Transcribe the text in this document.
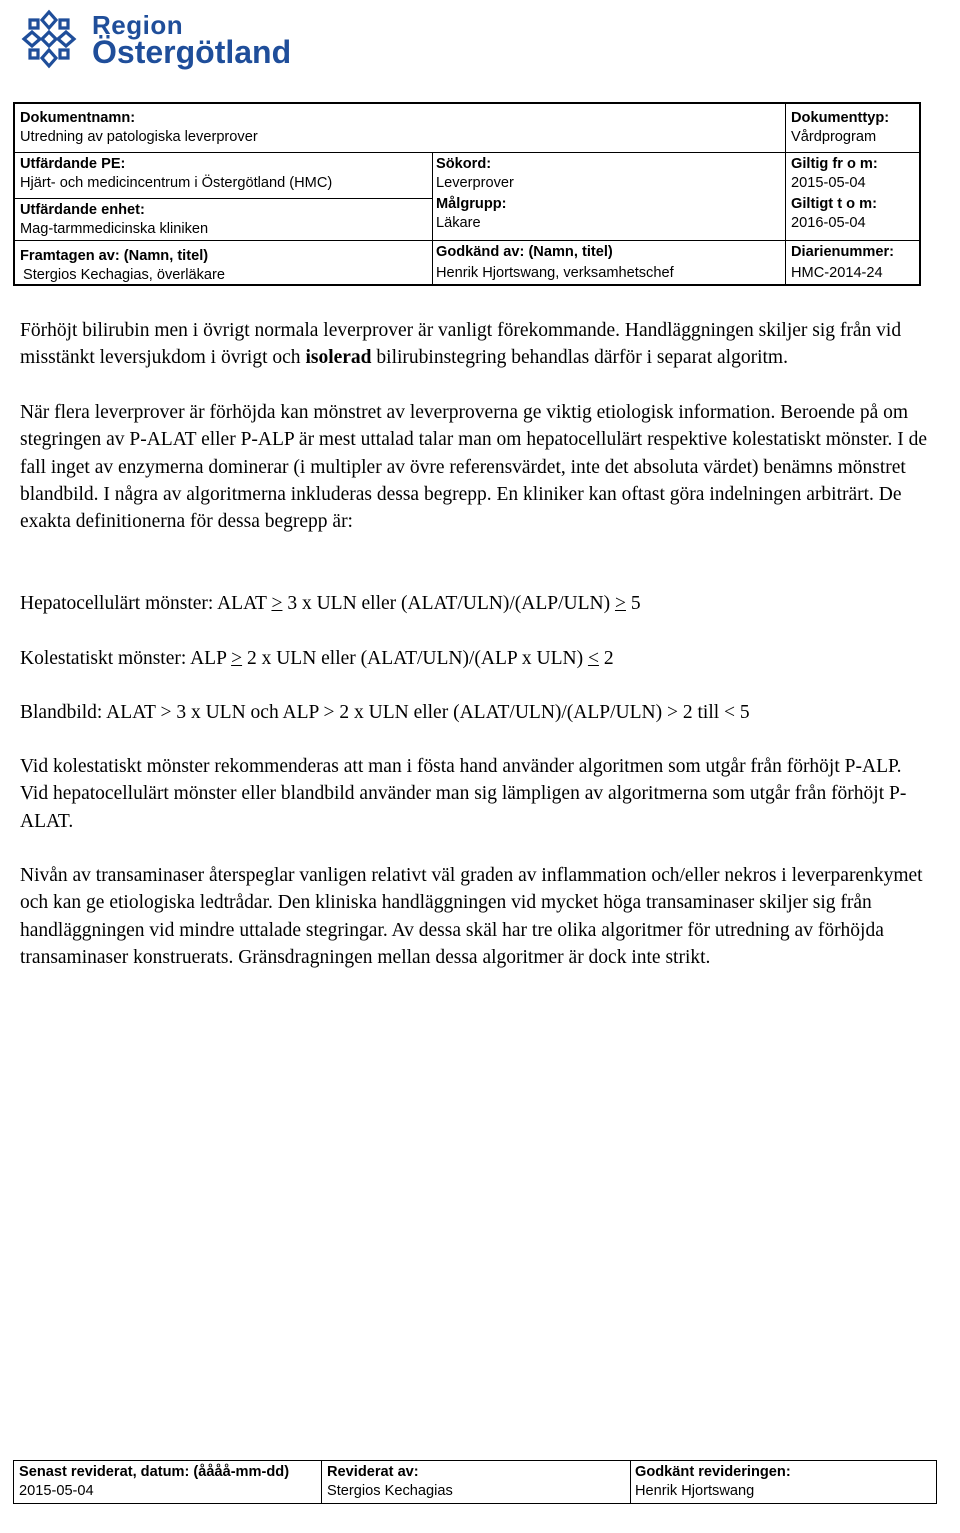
Region
Östergötland
Dokumentnamn:
Utredning av patologiska leverprover
Dokumenttyp:
Vårdprogram
Utfärdande PE:
Hjärt- och medicincentrum i Östergötland (HMC)
Sökord:
Leverprover
Giltig fr o m:
2015-05-04
Utfärdande enhet:
Mag-tarmmedicinska kliniken
Målgrupp:
Läkare
Giltigt t o m:
2016-05-04
Framtagen av: (Namn, titel)
Stergios Kechagias, överläkare
Godkänd av: (Namn, titel)
Henrik Hjortswang, verksamhetschef
Diarienummer:
HMC-2014-24

Förhöjt bilirubin men i övrigt normala leverprover är vanligt förekommande. Handläggningen skiljer sig från vid misstänkt leversjukdom i övrigt och isolerad bilirubinstegring behandlas därför i separat algoritm.

När flera leverprover är förhöjda kan mönstret av leverproverna ge viktig etiologisk information. Beroende på om stegringen av P-ALAT eller P-ALP är mest uttalad talar man om hepatocellulärt respektive kolestatiskt mönster. I de fall inget av enzymerna dominerar (i multipler av övre referensvärdet, inte det absoluta värdet) benämns mönstret blandbild. I några av algoritmerna inkluderas dessa begrepp. En kliniker kan oftast göra indelningen arbiträrt. De exakta definitionerna för dessa begrepp är:

Hepatocellulärt mönster: ALAT ≥ 3 x ULN eller (ALAT/ULN)/(ALP/ULN) ≥ 5

Kolestatiskt mönster: ALP ≥ 2 x ULN eller (ALAT/ULN)/(ALP x ULN) ≤ 2

Blandbild: ALAT > 3 x ULN och ALP > 2 x ULN eller (ALAT/ULN)/(ALP/ULN) > 2 till < 5

Vid kolestatiskt mönster rekommenderas att man i fösta hand använder algoritmen som utgår från förhöjt P-ALP. Vid hepatocellulärt mönster eller blandbild använder man sig lämpligen av algoritmerna som utgår från förhöjt P-ALAT.

Nivån av transaminaser återspeglar vanligen relativt väl graden av inflammation och/eller nekros i leverparenkymet och kan ge etiologiska ledtrådar. Den kliniska handläggningen vid mycket höga transaminaser skiljer sig från handläggningen vid mindre uttalade stegringar. Av dessa skäl har tre olika algoritmer för utredning av förhöjda transaminaser konstruerats. Gränsdragningen mellan dessa algoritmer är dock inte strikt.

Senast reviderat, datum: (åååå-mm-dd)
2015-05-04
Reviderat av:
Stergios Kechagias
Godkänt revideringen:
Henrik Hjortswang
